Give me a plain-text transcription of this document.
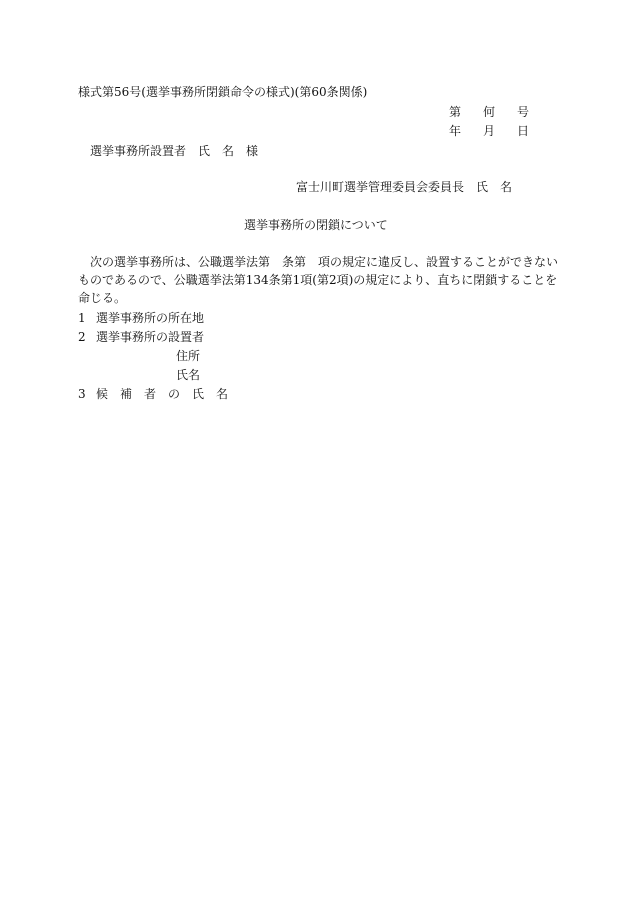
様式第56号(選挙事務所閉鎖命令の様式)(第60条関係)
第 何 号
年 月 日
選挙事務所設置者　氏　名　様
富士川町選挙管理委員会委員長　氏　名
選挙事務所の閉鎖について
次の選挙事務所は、公職選挙法第　条第　項の規定に違反し、設置することができないものであるので、公職選挙法第134条第1項(第2項)の規定により、直ちに閉鎖することを命じる。
1 選挙事務所の所在地
2 選挙事務所の設置者
住所
氏名
3 候　補　者　の　氏　名
